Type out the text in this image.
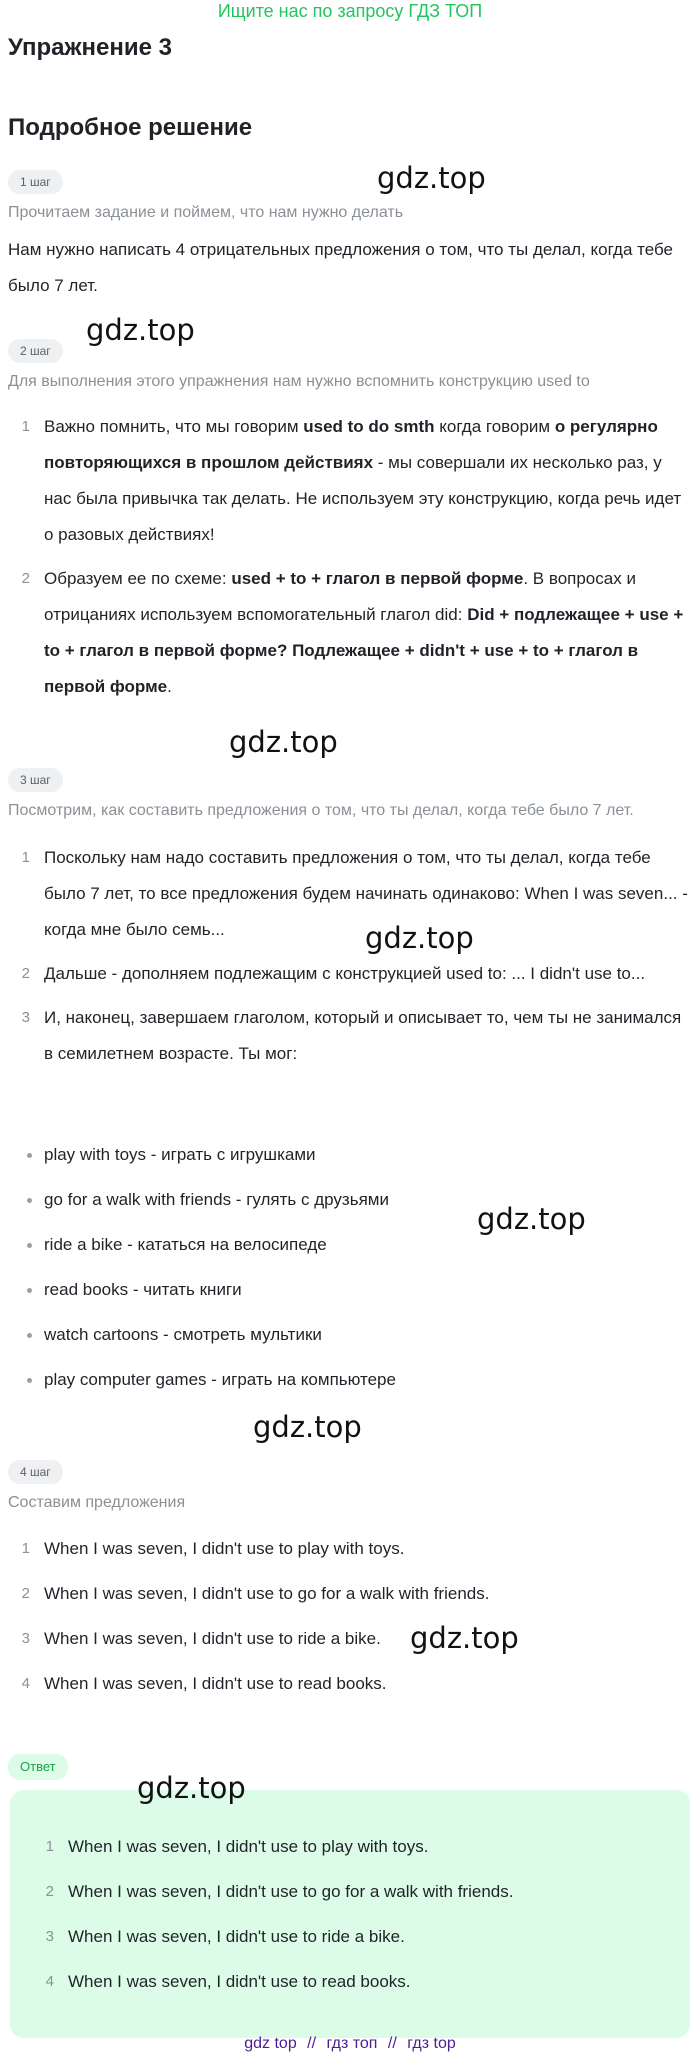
Ищите нас по запросу ГДЗ ТОП
Упражнение 3
Подробное решение
1 шаг	gdz.top
Прочитаем задание и поймем, что нам нужно делать
Нам нужно написать 4 отрицательных предложения о том, что ты делал, когда тебе было 7 лет.
gdz.top
2 шаг
Для выполнения этого упражнения нам нужно вспомнить конструкцию used to
1 Важно помнить, что мы говорим used to do smth когда говорим о регулярно повторяющихся в прошлом действиях - мы совершали их несколько раз, у нас была привычка так делать. Не используем эту конструкцию, когда речь идет о разовых действиях!
2 Образуем ее по схеме: used + to + глагол в первой форме. В вопросах и отрицаниях используем вспомогательный глагол did: Did + подлежащее + use + to + глагол в первой форме? Подлежащее + didn't + use + to + глагол в первой форме.
gdz.top
3 шаг
Посмотрим, как составить предложения о том, что ты делал, когда тебе было 7 лет.
1 Поскольку нам надо составить предложения о том, что ты делал, когда тебе было 7 лет, то все предложения будем начинать одинаково: When I was seven... - когда мне было семь...
2 Дальше - дополняем подлежащим с конструкцией used to: ... I didn't use to...
3 И, наконец, завершаем глаголом, который и описывает то, чем ты не занимался в семилетнем возрасте. Ты мог:
gdz.top
play with toys - играть с игрушками
go for a walk with friends - гулять с друзьями
ride a bike - кататься на велосипеде
read books - читать книги
watch cartoons - смотреть мультики
play computer games - играть на компьютере
gdz.top
gdz.top
4 шаг
Составим предложения
1 When I was seven, I didn't use to play with toys.
2 When I was seven, I didn't use to go for a walk with friends.
3 When I was seven, I didn't use to ride a bike.
4 When I was seven, I didn't use to read books.
gdz.top
Ответ
gdz.top
1 When I was seven, I didn't use to play with toys.
2 When I was seven, I didn't use to go for a walk with friends.
3 When I was seven, I didn't use to ride a bike.
4 When I was seven, I didn't use to read books.
gdz top // гдз топ // гдз top
